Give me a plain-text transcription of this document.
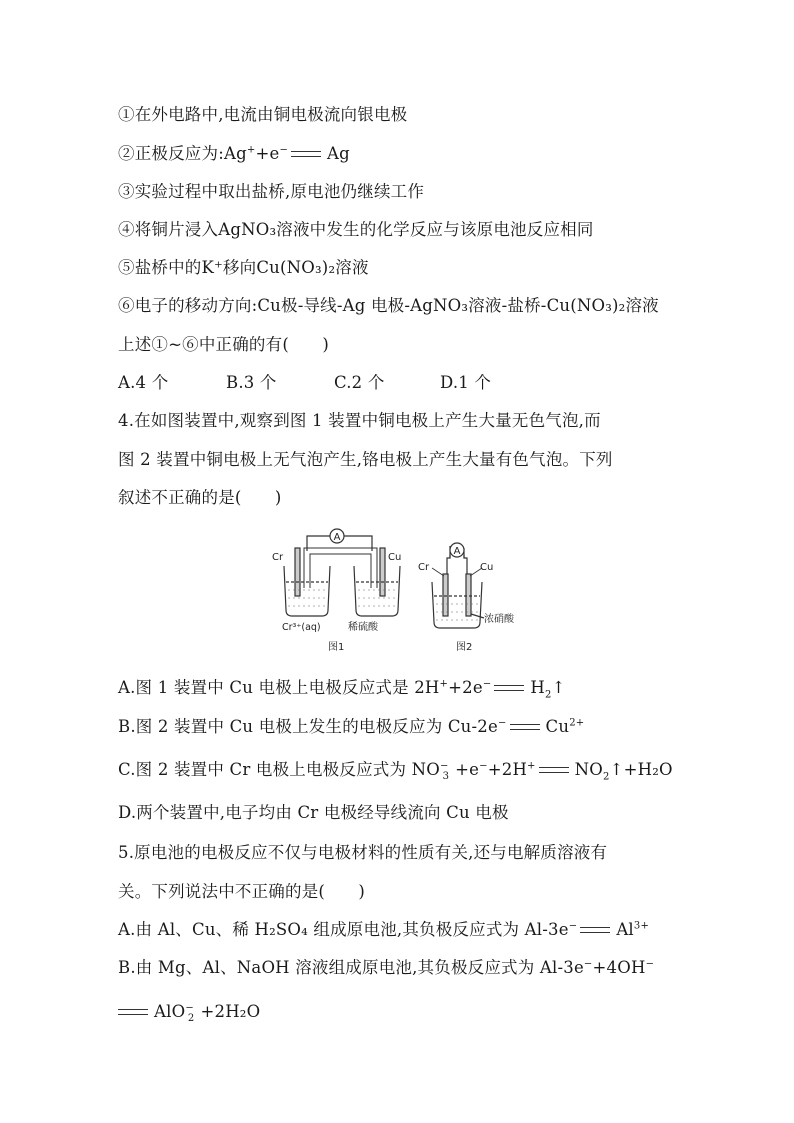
①在外电路中,电流由铜电极流向银电极
②正极反应为:Ag++e− Ag
③实验过程中取出盐桥,原电池仍继续工作
④将铜片浸入AgNO₃溶液中发生的化学反应与该原电池反应相同
⑤盐桥中的K⁺移向Cu(NO₃)₂溶液
⑥电子的移动方向:Cu极-导线-Ag 电极-AgNO₃溶液-盐桥-Cu(NO₃)₂溶液
上述①~⑥中正确的有(　　)
A.4 个	B.3 个	C.2 个	D.1 个
4.在如图装置中,观察到图 1 装置中铜电极上产生大量无色气泡,而
图 2 装置中铜电极上无气泡产生,铬电极上产生大量有色气泡。下列
叙述不正确的是(　　)
A
Cr	Cu
Cr³⁺(aq)	稀硫酸
图1
A
Cr	Cu
浓硝酸
图2
A.图 1 装置中 Cu 电极上电极反应式是 2H++2e− $H_2↑$
B.图 2 装置中 Cu 电极上发生的电极反应为 Cu-2e− $Cu^{2+}$
C.图 2 装置中 Cr 电极上电极反应式为 $NO^-_3 +e^-+2H^+$ $NO_2↑+H_2O$
D.两个装置中,电子均由 Cr 电极经导线流向 Cu 电极
5.原电池的电极反应不仅与电极材料的性质有关,还与电解质溶液有
关。下列说法中不正确的是(　　)
A.由 Al、Cu、稀 H₂SO₄ 组成原电池,其负极反应式为 Al-3e− $Al^{3+}$
B.由 Mg、Al、NaOH 溶液组成原电池,其负极反应式为 Al-3e−+4OH−
AlO−$_2$ +2H₂O
